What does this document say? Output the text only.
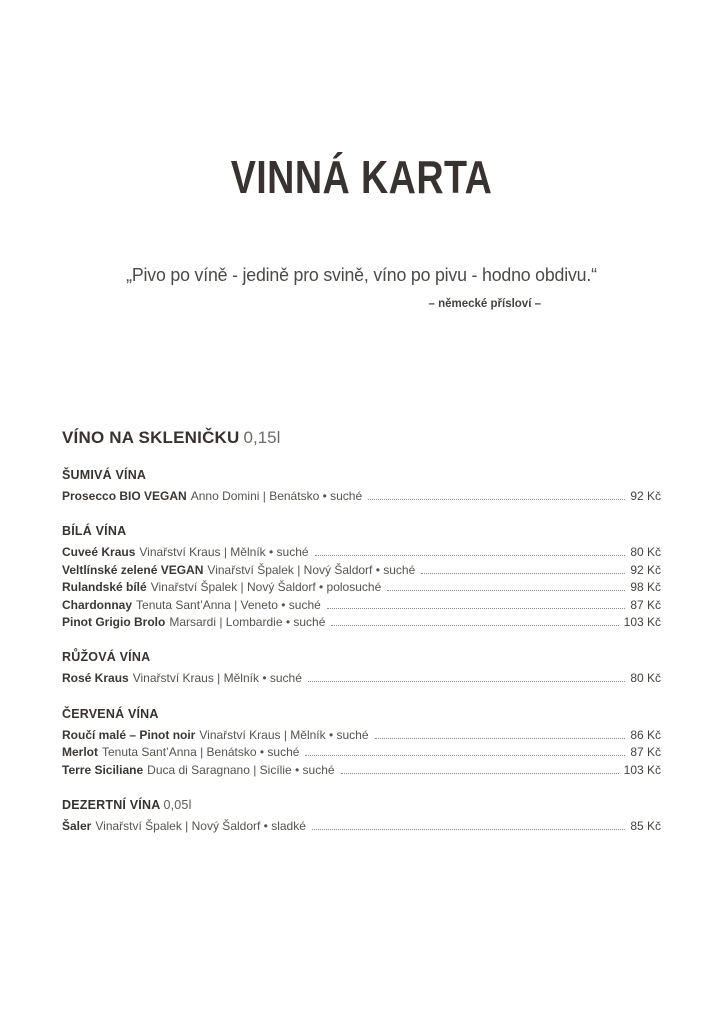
VINNÁ KARTA
„Pivo po víně - jedině pro svině, víno po pivu - hodno obdivu.“
– německé přísloví –
VÍNO NA SKLENIČKU 0,15l
ŠUMIVÁ VÍNA
Prosecco BIO VEGAN Anno Domini | Benátsko • suché	92 Kč
BÍLÁ VÍNA
Cuveé Kraus Vinařství Kraus | Mělník • suché	80 Kč
Veltlínské zelené VEGAN Vinařství Špalek | Nový Šaldorf • suché	92 Kč
Rulandské bílé Vinařství Špalek | Nový Šaldorf • polosuché	98 Kč
Chardonnay Tenuta Sant’Anna | Veneto • suché	87 Kč
Pinot Grigio Brolo Marsardi | Lombardie • suché	103 Kč
RŮŽOVÁ VÍNA
Rosé Kraus Vinařství Kraus | Mělník • suché	80 Kč
ČERVENÁ VÍNA
Roučí malé – Pinot noir Vinařství Kraus | Mělník • suché	86 Kč
Merlot Tenuta Sant’Anna | Benátsko • suché	87 Kč
Terre Siciliane Duca di Saragnano | Sicílie • suché	103 Kč
DEZERTNÍ VÍNA 0,05l
Šaler Vinařství Špalek | Nový Šaldorf • sladké	85 Kč
